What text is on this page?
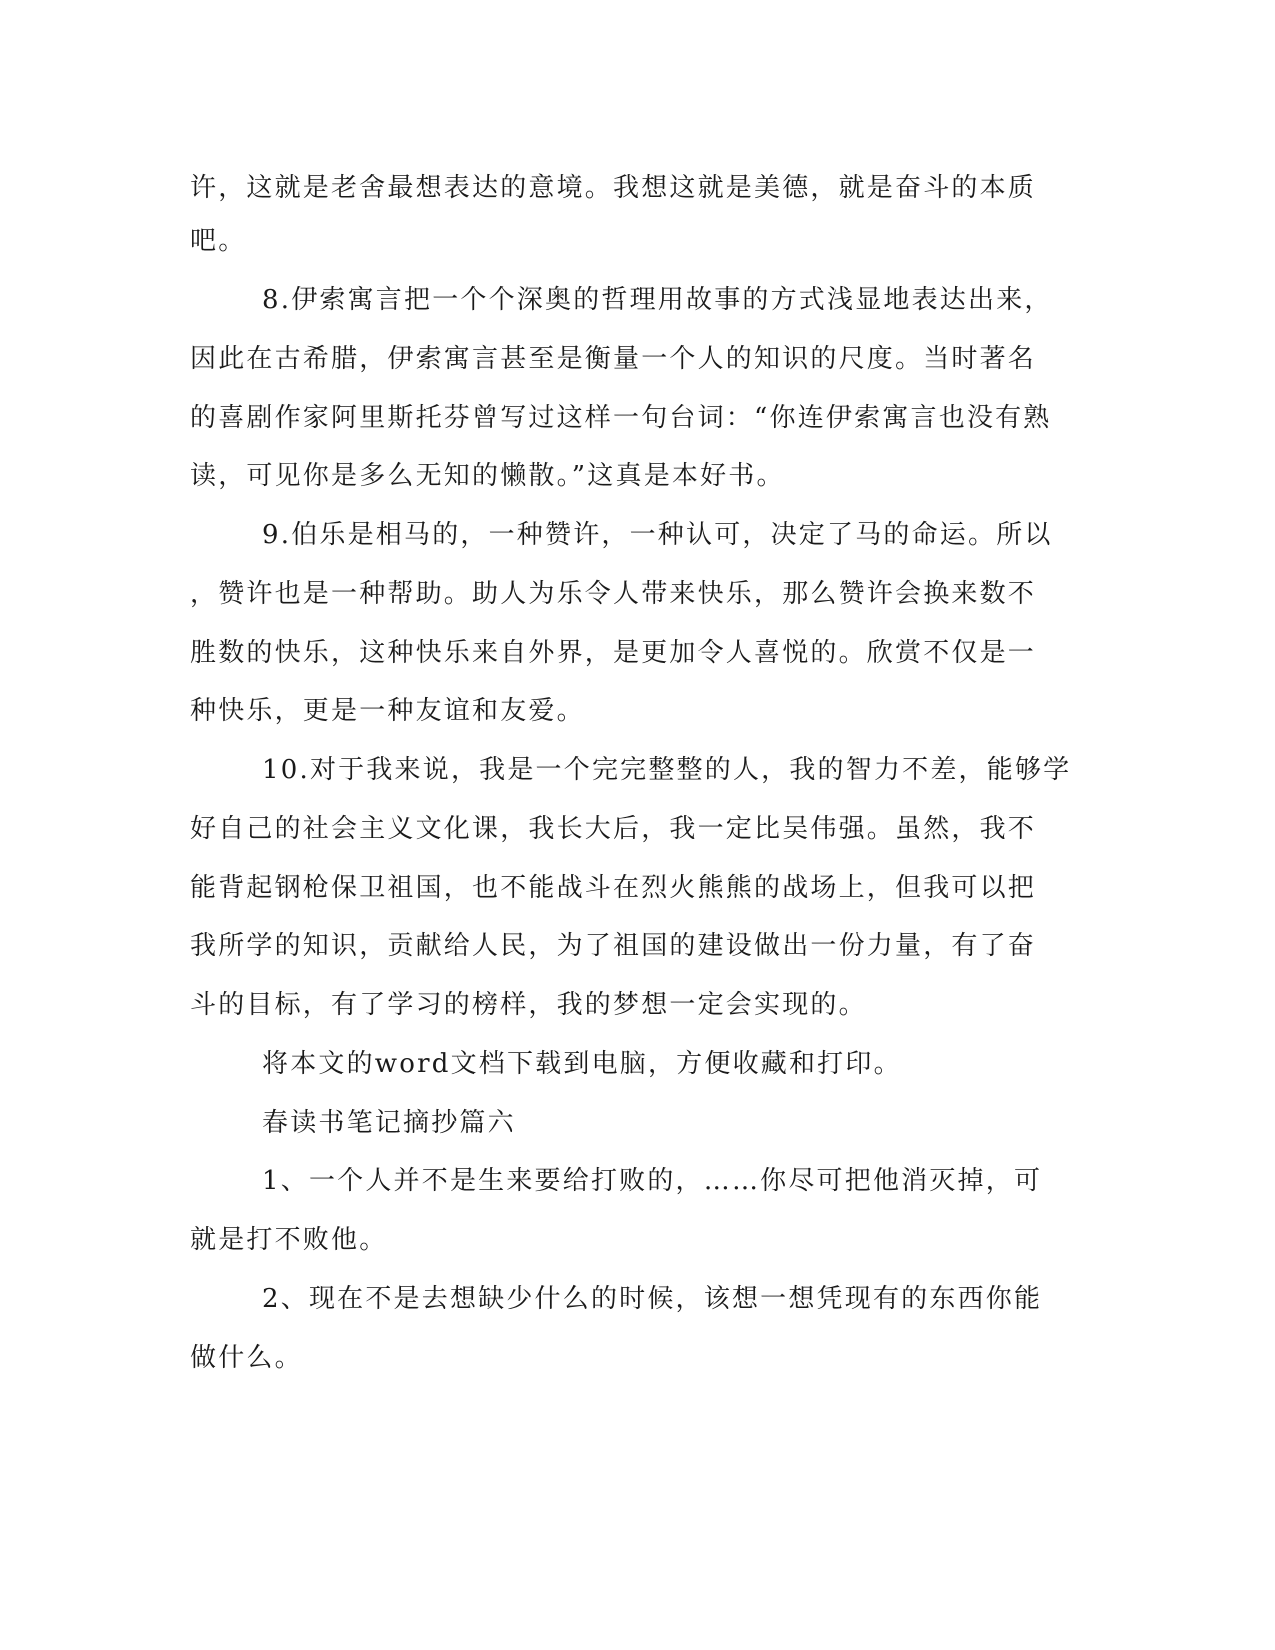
许，这就是老舍最想表达的意境。我想这就是美德，就是奋斗的本质
吧。
8.伊索寓言把一个个深奥的哲理用故事的方式浅显地表达出来，
因此在古希腊，伊索寓言甚至是衡量一个人的知识的尺度。当时著名
的喜剧作家阿里斯托芬曾写过这样一句台词：“你连伊索寓言也没有熟
读，可见你是多么无知的懒散。”这真是本好书。
9.伯乐是相马的，一种赞许，一种认可，决定了马的命运。所以
，赞许也是一种帮助。助人为乐令人带来快乐，那么赞许会换来数不
胜数的快乐，这种快乐来自外界，是更加令人喜悦的。欣赏不仅是一
种快乐，更是一种友谊和友爱。
10.对于我来说，我是一个完完整整的人，我的智力不差，能够学
好自己的社会主义文化课，我长大后，我一定比吴伟强。虽然，我不
能背起钢枪保卫祖国，也不能战斗在烈火熊熊的战场上，但我可以把
我所学的知识，贡献给人民，为了祖国的建设做出一份力量，有了奋
斗的目标，有了学习的榜样，我的梦想一定会实现的。
将本文的word文档下载到电脑，方便收藏和打印。
春读书笔记摘抄篇六
1、一个人并不是生来要给打败的，……你尽可把他消灭掉，可
就是打不败他。
2、现在不是去想缺少什么的时候，该想一想凭现有的东西你能
做什么。
